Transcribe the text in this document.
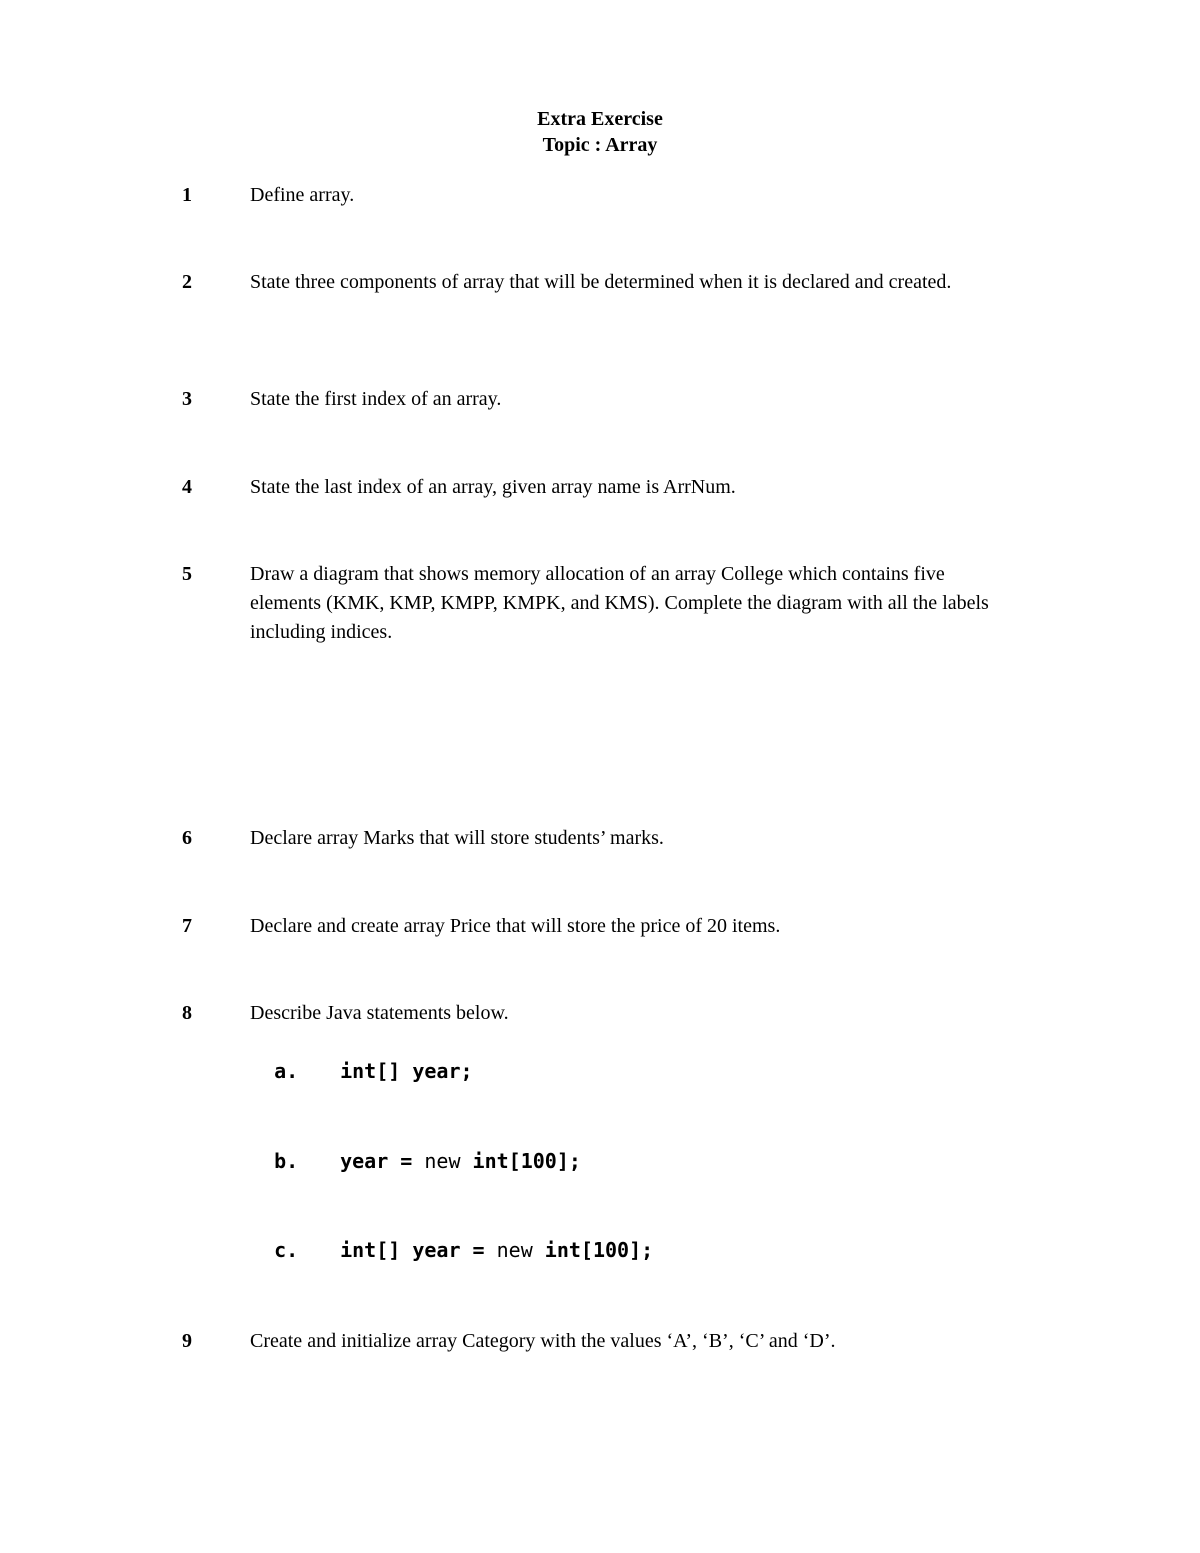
Extra Exercise
Topic : Array
1	Define array.
2	State three components of array that will be determined when it is declared and created.
3	State the first index of an array.
4	State the last index of an array, given array name is ArrNum.
5	Draw a diagram that shows memory allocation of an array College which contains five elements (KMK, KMP, KMPP, KMPK, and KMS). Complete the diagram with all the labels including indices.
6	Declare array Marks that will store students’ marks.
7	Declare and create array Price that will store the price of 20 items.
8	Describe Java statements below.

a. int[] year;

b. year = new int[100];

c. int[] year = new int[100];

9	Create and initialize array Category with the values ‘A’, ‘B’, ‘C’ and ‘D’.
